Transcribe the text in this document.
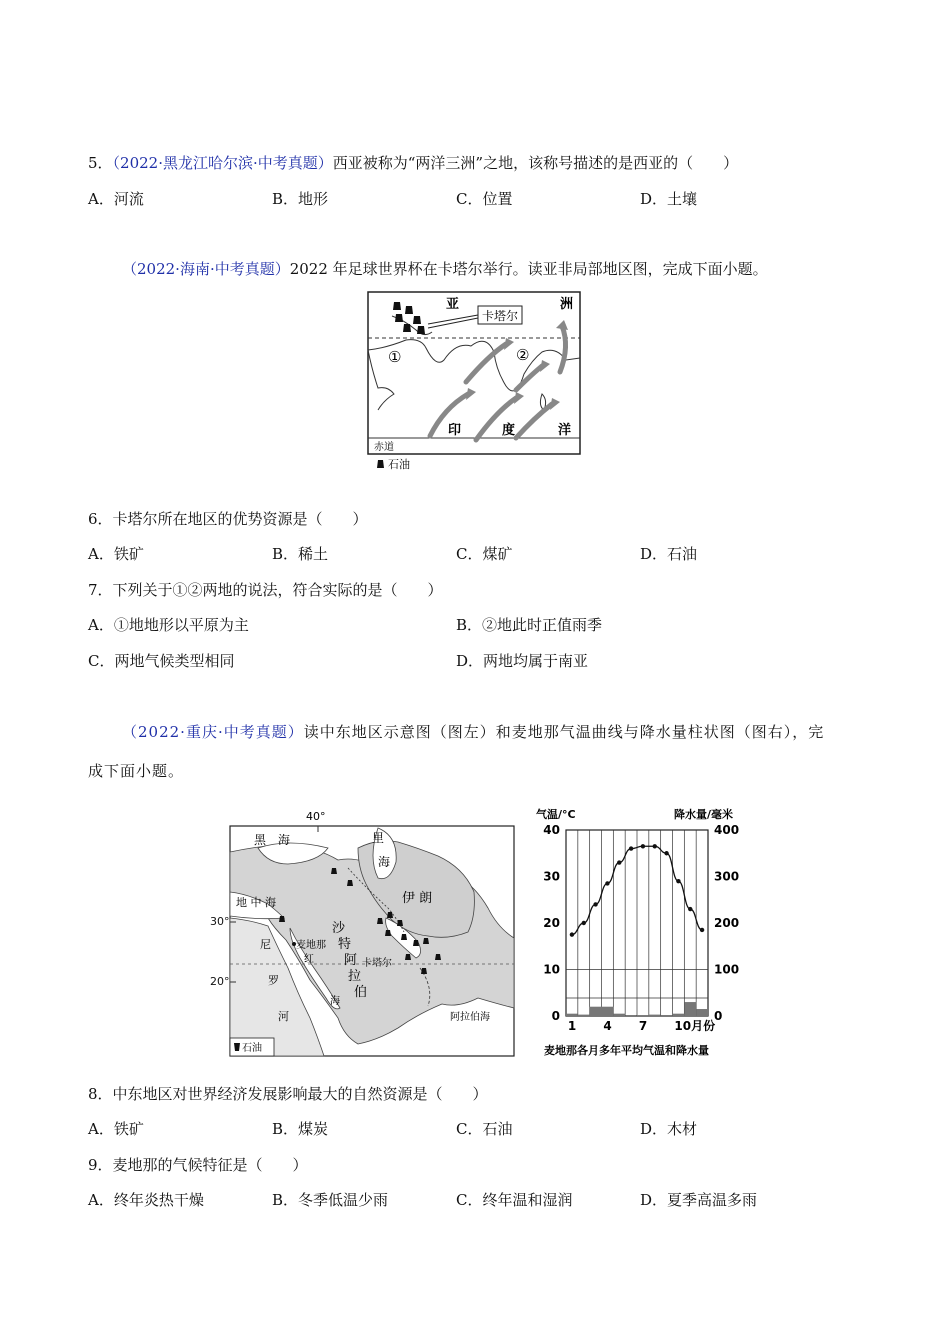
5．（2022·黑龙江哈尔滨·中考真题）西亚被称为“两洋三洲”之地，该称号描述的是西亚的（　　）
A．河流	B．地形	C．位置	D．土壤
（2022·海南·中考真题）2022 年足球世界杯在卡塔尔举行。读亚非局部地区图，完成下面小题。
卡塔尔
亚	洲
①	②
印	度	洋
赤道
石油
6．卡塔尔所在地区的优势资源是（　　）
A．铁矿	B．稀土	C．煤矿	D．石油
7．下列关于①②两地的说法，符合实际的是（　　）
A．①地地形以平原为主	B．②地此时正值雨季
C．两地气候类型相同	D．两地均属于南亚
（2022·重庆·中考真题）读中东地区示意图（图左）和麦地那气温曲线与降水量柱状图（图右），完
成下面小题。
40°
黑　海	里
海
地 中 海	伊 朗
沙
特
阿
拉
伯
麦地那
卡塔尔
尼
罗
河
红
海
阿拉伯海
石油
30°
20°
气温/°C	降水量/毫米
0
10
20
30
40
0
100
200
300
400
1 4 7 10月份
麦地那各月多年平均气温和降水量
8．中东地区对世界经济发展影响最大的自然资源是（　　）
A．铁矿	B．煤炭	C．石油	D．木材
9．麦地那的气候特征是（　　）
A．终年炎热干燥	B．冬季低温少雨	C．终年温和湿润	D．夏季高温多雨
